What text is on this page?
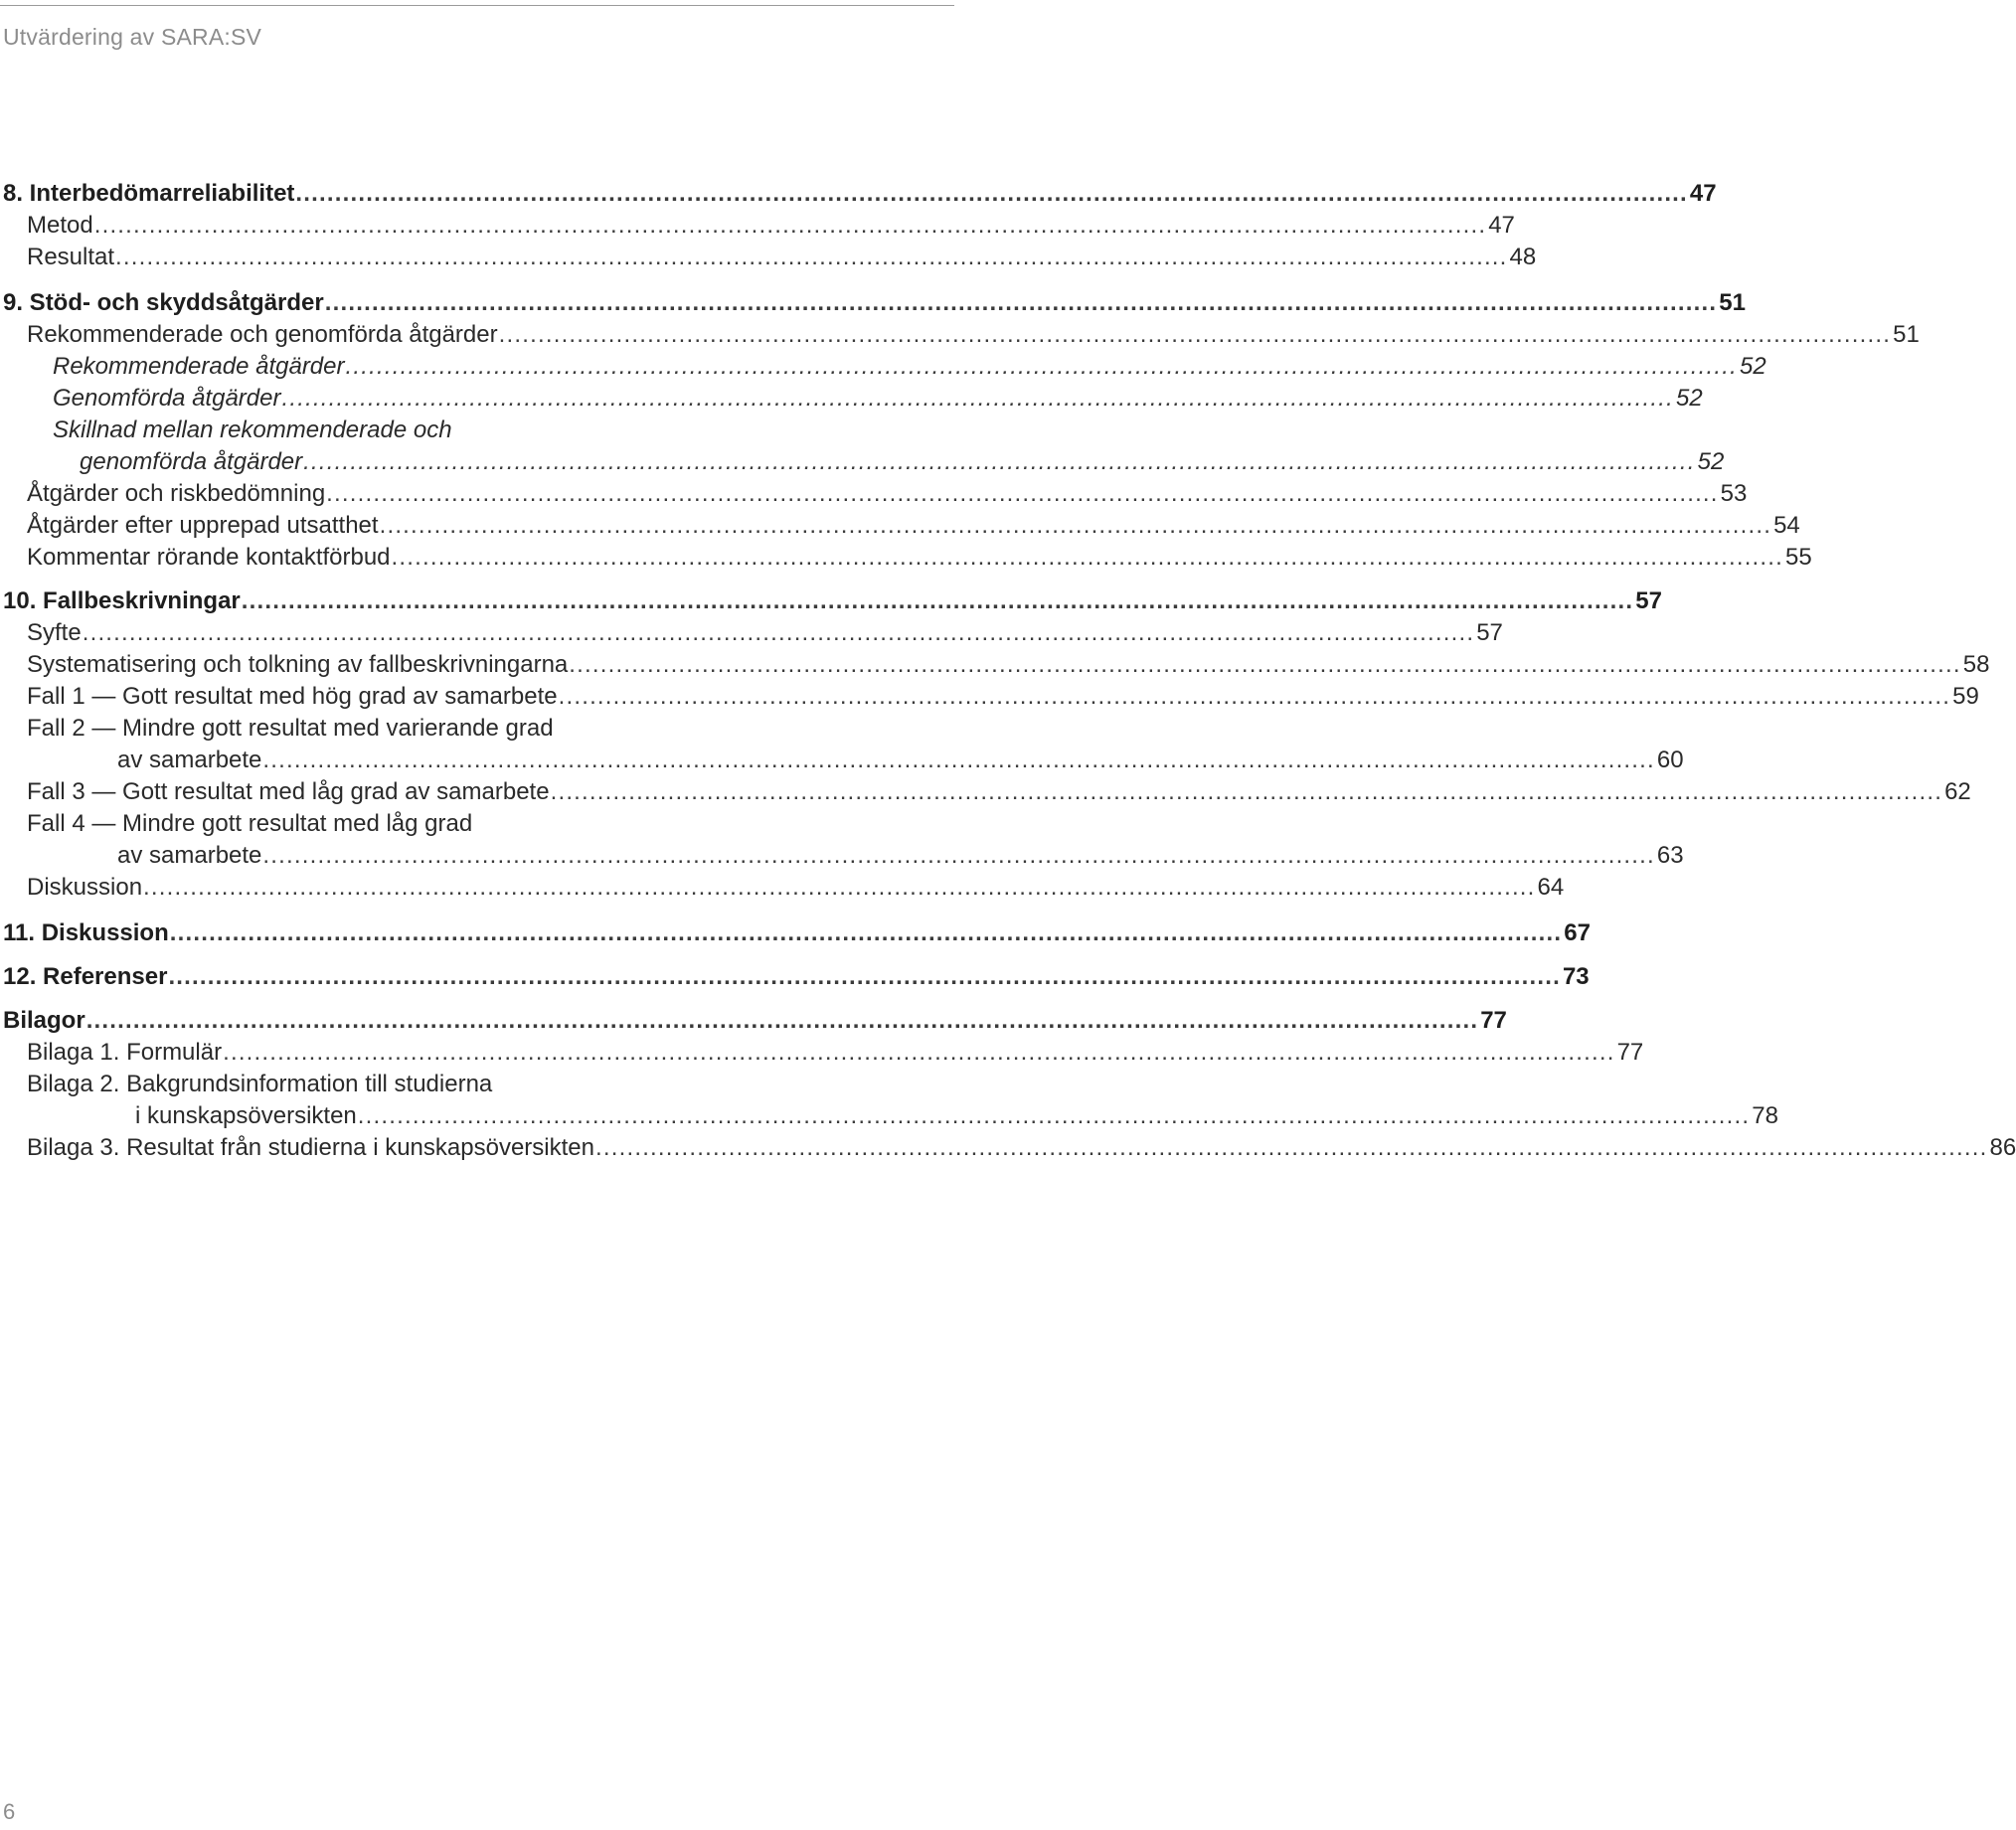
Utvärdering av SARA:SV
8. Interbedömarreliabilitet .................................................................................................................................................................................. 47
Metod .................................................................................................................................................................................. 47
Resultat .................................................................................................................................................................................. 48
9. Stöd- och skyddsåtgärder .................................................................................................................................................................................. 51
Rekommenderade och genomförda åtgärder .................................................................................................................................................................................. 51
Rekommenderade åtgärder .................................................................................................................................................................................. 52
Genomförda åtgärder .................................................................................................................................................................................. 52
Skillnad mellan rekommenderade och
genomförda åtgärder .................................................................................................................................................................................. 52
Åtgärder och riskbedömning .................................................................................................................................................................................. 53
Åtgärder efter upprepad utsatthet .................................................................................................................................................................................. 54
Kommentar rörande kontaktförbud .................................................................................................................................................................................. 55
10. Fallbeskrivningar .................................................................................................................................................................................. 57
Syfte .................................................................................................................................................................................. 57
Systematisering och tolkning av fallbeskrivningarna .................................................................................................................................................................................. 58
Fall 1 — Gott resultat med hög grad av samarbete .................................................................................................................................................................................. 59
Fall 2 — Mindre gott resultat med varierande grad
av samarbete .................................................................................................................................................................................. 60
Fall 3 — Gott resultat med låg grad av samarbete .................................................................................................................................................................................. 62
Fall 4 — Mindre gott resultat med låg grad
av samarbete .................................................................................................................................................................................. 63
Diskussion .................................................................................................................................................................................. 64
11. Diskussion .................................................................................................................................................................................. 67
12. Referenser .................................................................................................................................................................................. 73
Bilagor .................................................................................................................................................................................. 77
Bilaga 1. Formulär .................................................................................................................................................................................. 77
Bilaga 2. Bakgrundsinformation till studierna
i kunskapsöversikten .................................................................................................................................................................................. 78
Bilaga 3. Resultat från studierna i kunskapsöversikten .................................................................................................................................................................................. 86
6
